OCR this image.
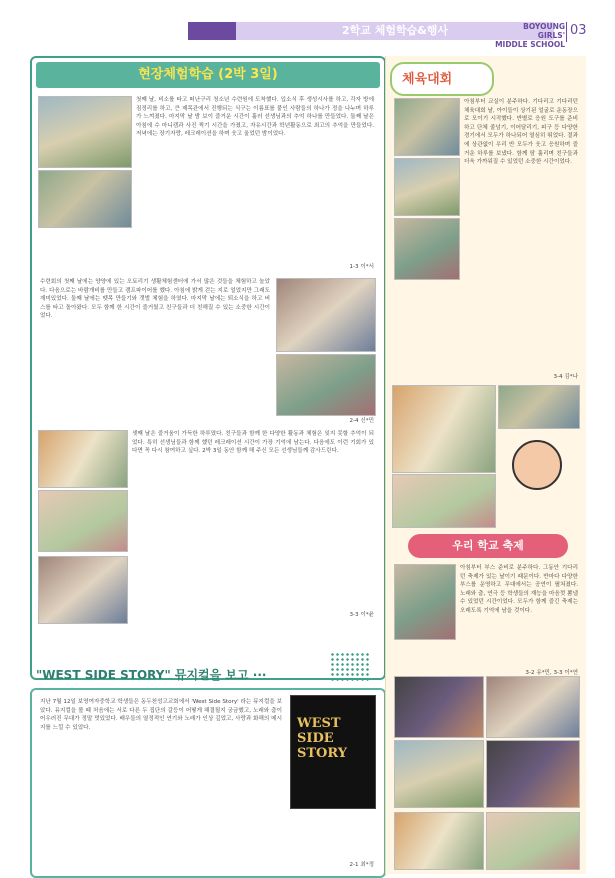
2학교 체험학습&행사	BOYOUNG GIRLS'
MIDDLE SCHOOL
03
현장체험학습 (2박 3일)
첫째 날, 비소를 타고 떠난구리 청소년 수련원에 도착했다. 입소식 후 생성시사를 하고, 각자 방에 짐정리를 하고, 큰 제목관에서 진행되는 식구는 이름표를 붙인 사람들의 하나가 정을 나누며 하루가 느껴졌다. 마지막 날 밤 보이 즐거운 시간이 흘러 선생님과의 추억 하나를 만들었다. 둘째 날은 아침에 수 마니캠과 사진 찍기 시간을 가졌고, 자유시간과 학년활동으로 최고의 추억을 만들었다. 저녁에는 장기자랑, 레크레이션을 하며 웃고 울었던 밤이었다.
1-3 이*서
수련회의 첫째 날에는 양양에 있는 오토리기 생활체험센터에 가서 많은 것들을 체험하고 놀았다. 다음으로는 바람개비를 만들고 캠프파이어를 했다. 아침에 밝게 걷는 지로 얼었지만 그래도 재미있었다. 둘째 날에는 뗏목 만들기와 갯벌 체험을 하였다. 마지막 날에는 퇴소식을 하고 버스를 타고 돌아왔다. 모두 함께 한 시간이 즐거웠고 친구들과 더 친해질 수 있는 소중한 시간이었다.
2-4 신*민
셋째 날은 즐거움이 가득한 하루였다. 친구들과 함께 한 다양한 활동과 체험은 잊지 못할 추억이 되었다. 특히 선생님들과 함께 했던 레크레이션 시간이 가장 기억에 남는다. 다음에도 이런 기회가 있다면 꼭 다시 참여하고 싶다. 2박 3일 동안 함께 해 주신 모든 선생님들께 감사드린다.
3-3 이*윤
"WEST SIDE STORY" 뮤지컬을 보고 ···
지난 7월 12일 보영여자중학교 학생들은 동두천성고교회에서 'West Side Story' 라는 뮤지컬을 보았다. 뮤지컬을 볼 때 처음에는 서로 다른 두 집단의 갈등이 어떻게 해결될지 궁금했고, 노래와 춤이 어우러진 무대가 정말 멋있었다. 배우들의 열정적인 연기와 노래가 인상 깊었고, 사랑과 화해의 메시지를 느낄 수 있었다.	WEST SIDE STORY
2-1 최*정
체육대회
아침부터 교실이 분주하다. 기다리고 기다리던 체육대회 날, 아이들이 상기된 얼굴로 운동장으로 모이기 시작했다. 반별로 응원 도구를 준비하고 단체 줄넘기, 이어달리기, 피구 등 다양한 경기에서 모두가 하나되어 열심히 뛰었다. 결과에 상관없이 우리 반 모두가 웃고 응원하며 즐거운 하루를 보냈다. 함께 땀 흘리며 친구들과 더욱 가까워질 수 있었던 소중한 시간이었다.
3-4 김*나
우리 학교 축제
아침부터 부스 준비로 분주하다. 그동안 기다리던 축제가 있는 날이기 때문이다. 반마다 다양한 부스를 운영하고 무대에서는 공연이 펼쳐졌다. 노래와 춤, 연극 등 학생들의 재능을 마음껏 뽐낼 수 있었던 시간이었다. 모두가 함께 즐긴 축제는 오래도록 기억에 남을 것이다.
3-2 유*민, 3-3 이*연
